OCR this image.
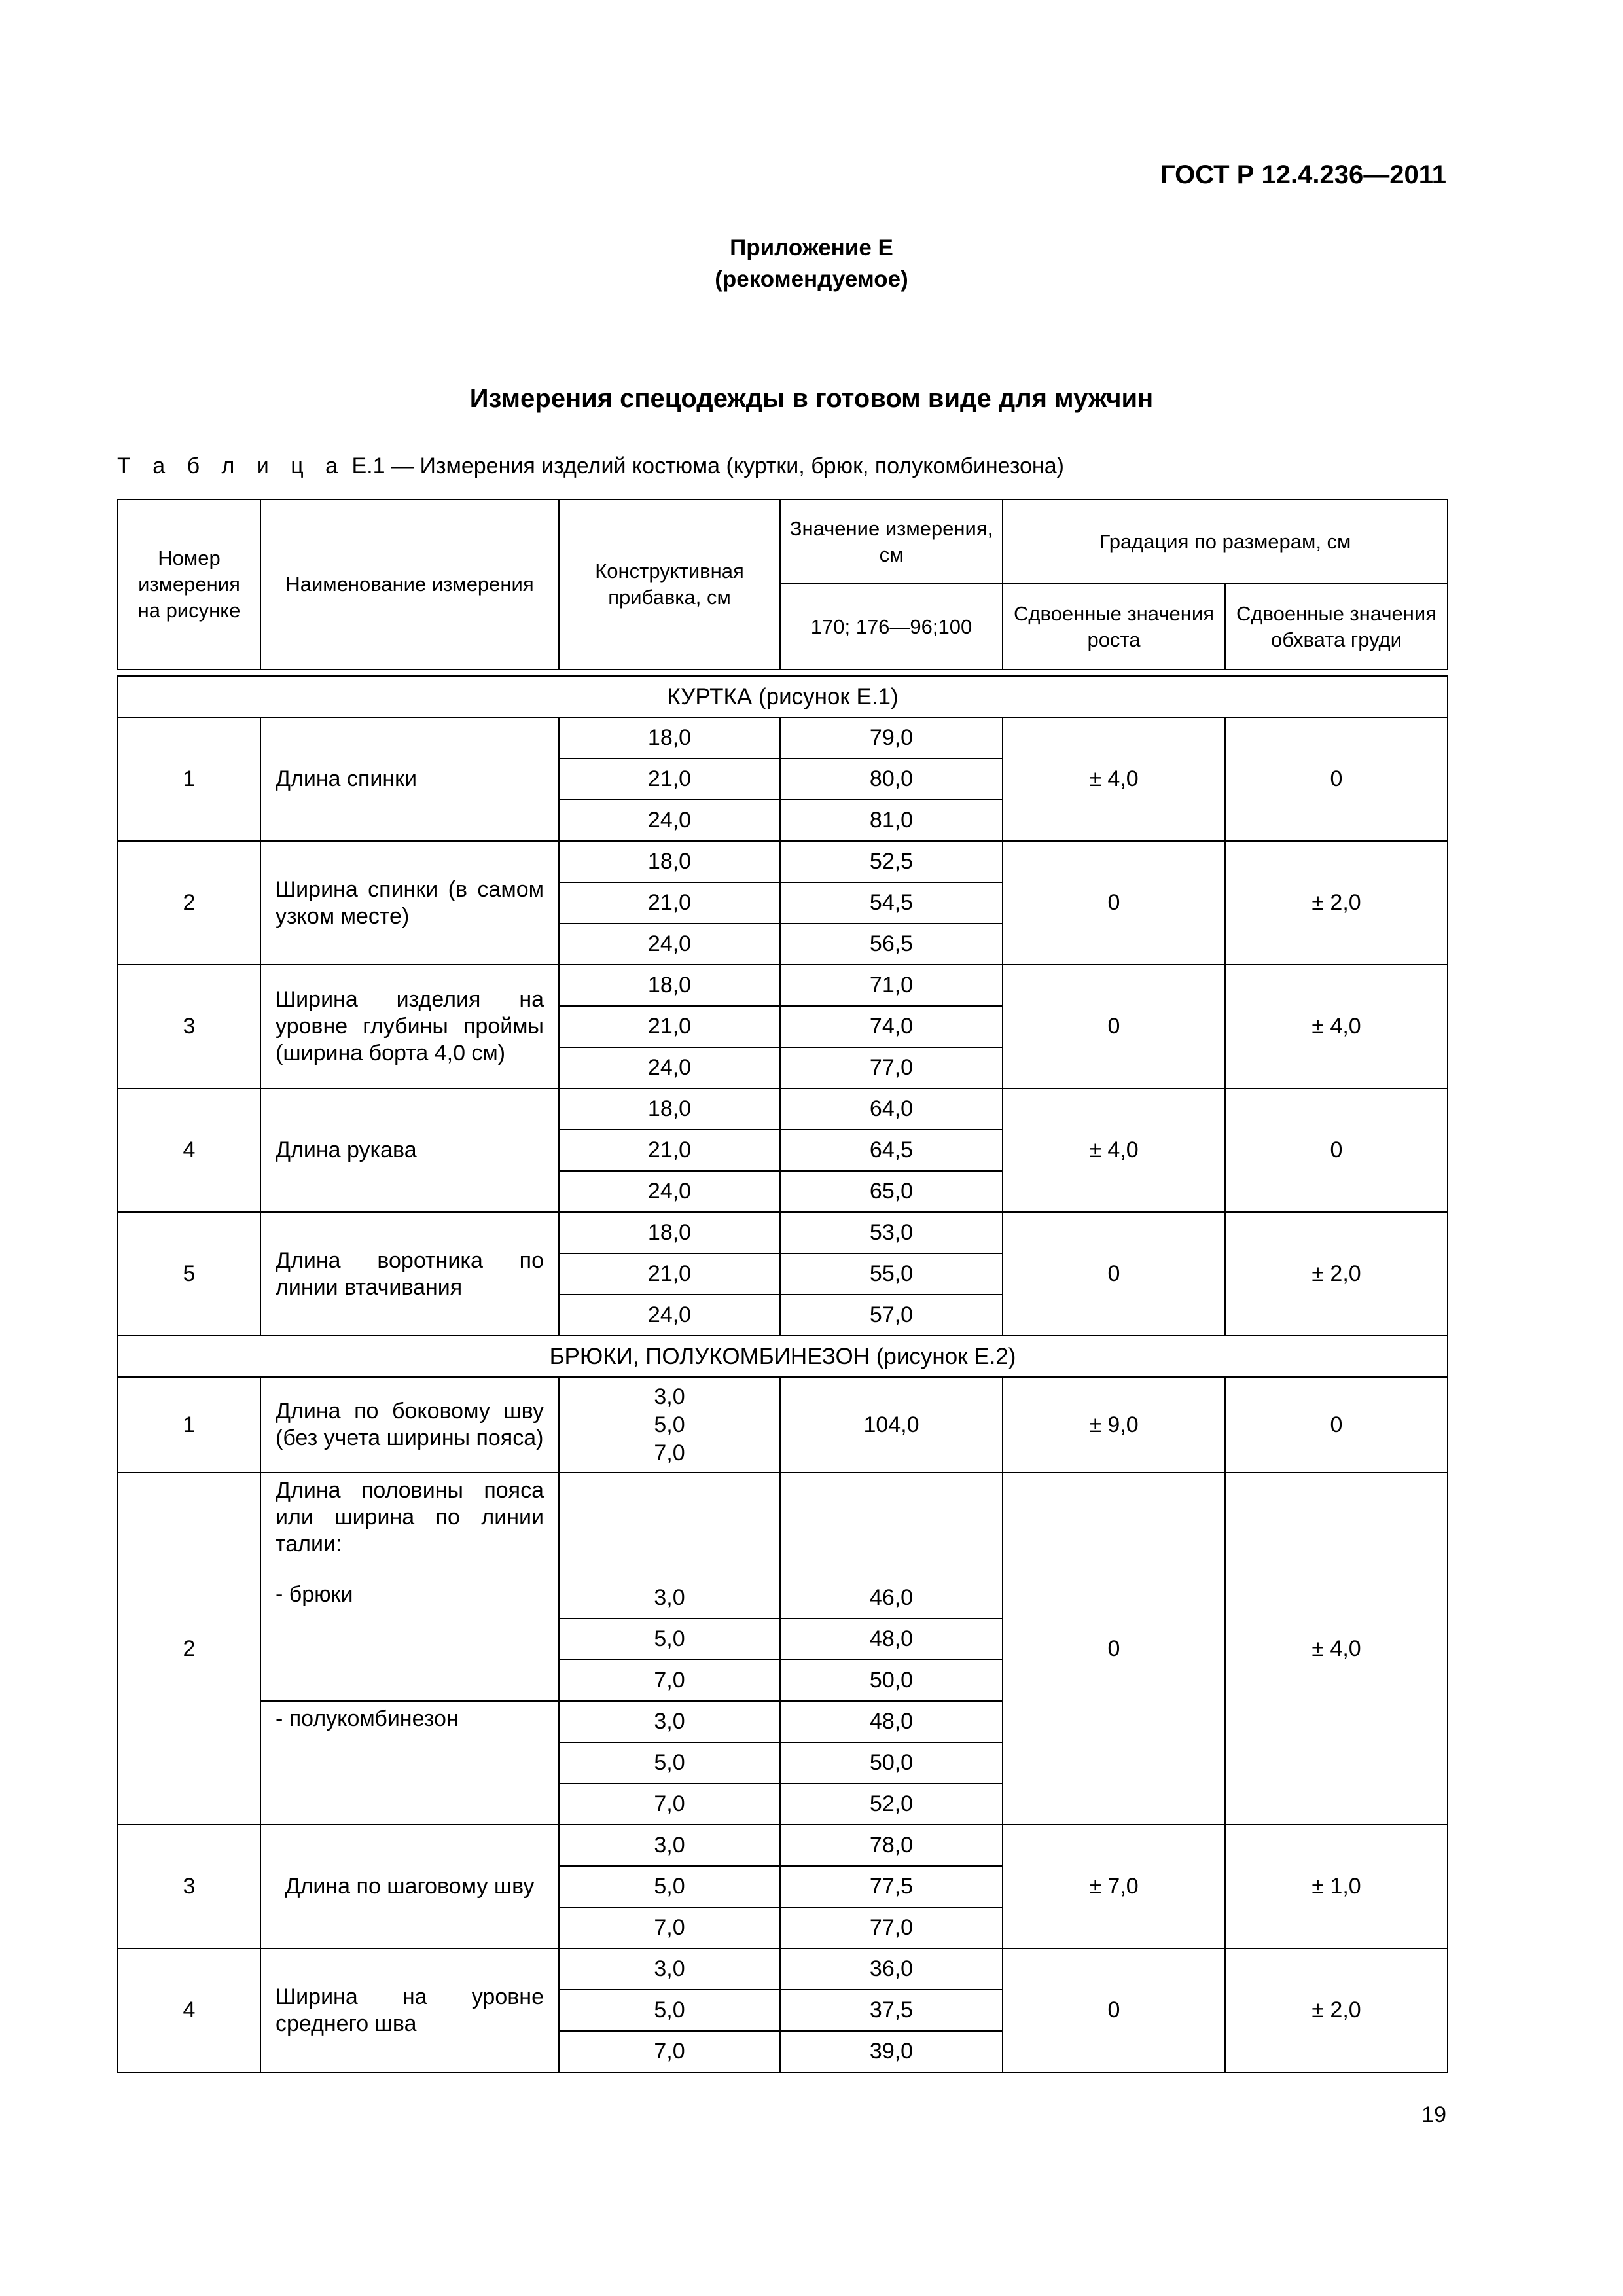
ГОСТ Р 12.4.236—2011
Приложение Е
(рекомендуемое)
Измерения спецодежды в готовом виде для мужчин
Т а б л и ц а Е.1 — Измерения изделий костюма (куртки, брюк, полукомбинезона)
Номер измерения на рисунке	Наименование измерения	Конструктивная прибавка, см	Значение измерения, см	Градация по размерам, см	
			170; 176—96;100	Сдвоенные значения роста	Сдвоенные значения обхвата груди

КУРТКА (рисунок Е.1)					
1	Длина спинки	18,0	79,0	± 4,0	0
		21,0	80,0		
		24,0	81,0		
2	Ширина спинки (в самом узком месте)	18,0	52,5	0	± 2,0
		21,0	54,5		
		24,0	56,5		
3	Ширина изделия на уровне глубины проймы (ширина борта 4,0 см)	18,0	71,0	0	± 4,0
		21,0	74,0		
		24,0	77,0		
4	Длина рукава	18,0	64,0	± 4,0	0
		21,0	64,5		
		24,0	65,0		
5	Длина воротника по линии втачивания	18,0	53,0	0	± 2,0
		21,0	55,0		
		24,0	57,0		
БРЮКИ, ПОЛУКОМБИНЕЗОН (рисунок Е.2)					
1	Длина по боковому шву (без учета ширины пояса)	3,0
5,0
7,0	104,0	± 9,0	0
2	Длина половины пояса или ширина по линии талии:			0	± 4,0
	- брюки	3,0	46,0		
		5,0	48,0		
		7,0	50,0		
	- полукомбинезон	3,0	48,0		
		5,0	50,0		
		7,0	52,0		
3	Длина по шаговому шву	3,0	78,0	± 7,0	± 1,0
		5,0	77,5		
		7,0	77,0		
4	Ширина на уровне среднего шва	3,0	36,0	0	± 2,0
		5,0	37,5		
		7,0	39,0		
19
